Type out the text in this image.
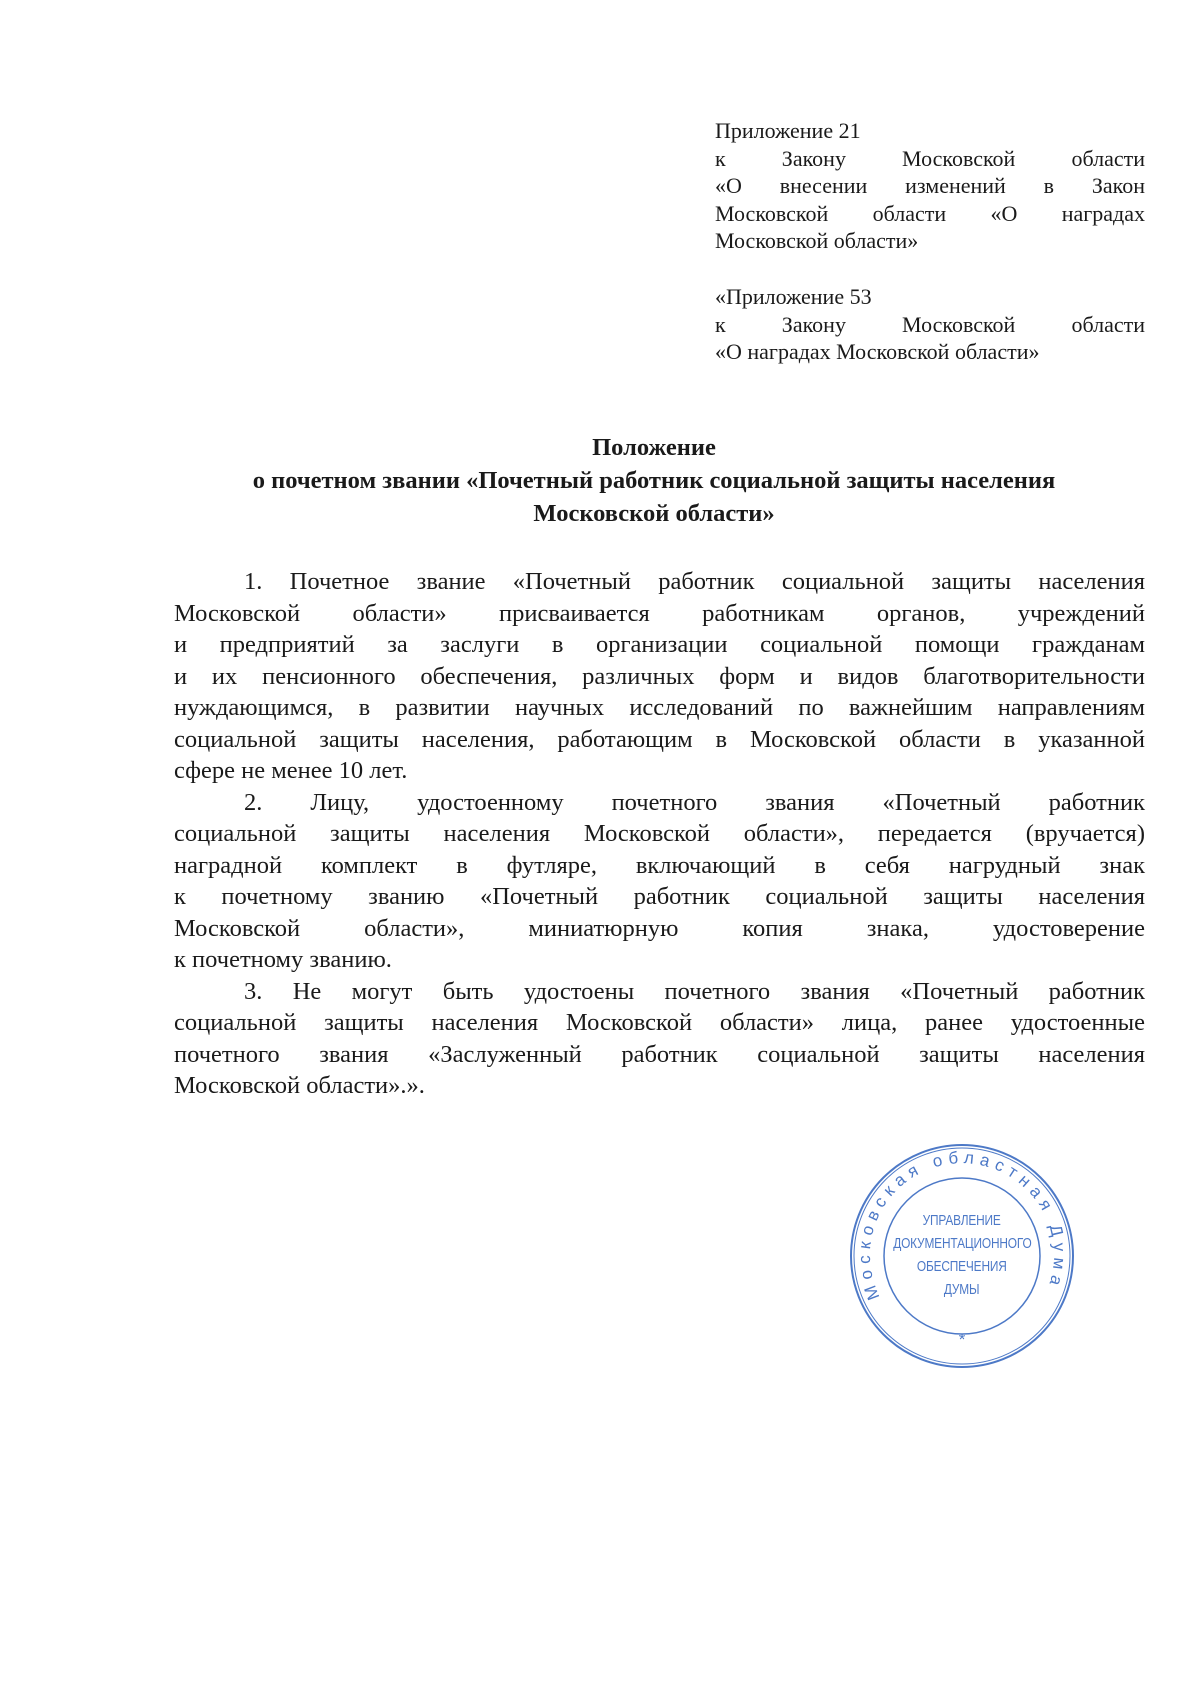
Приложение 21
к Закону Московской области
«О внесении изменений в Закон
Московской области «О наградах
Московской области»
«Приложение 53
к Закону Московской области
«О наградах Московской области»
Положение
о почетном звании «Почетный работник социальной защиты населения
Московской области»
1. Почетное звание «Почетный работник социальной защиты населения
Московской области» присваивается работникам органов, учреждений
и предприятий за заслуги в организации социальной помощи гражданам
и их пенсионного обеспечения, различных форм и видов благотворительности
нуждающимся, в развитии научных исследований по важнейшим направлениям
социальной защиты населения, работающим в Московской области в указанной
сфере не менее 10 лет.
2. Лицу, удостоенному почетного звания «Почетный работник
социальной защиты населения Московской области», передается (вручается)
наградной комплект в футляре, включающий в себя нагрудный знак
к почетному званию «Почетный работник социальной защиты населения
Московской области», миниатюрную копия знака, удостоверение
к почетному званию.
3. Не могут быть удостоены почетного звания «Почетный работник
социальной защиты населения Московской области» лица, ранее удостоенные
почетного звания «Заслуженный работник социальной защиты населения
Московской области».».
Московская областная Дума
*
УПРАВЛЕНИЕ
ДОКУМЕНТАЦИОННОГО
ОБЕСПЕЧЕНИЯ
ДУМЫ
